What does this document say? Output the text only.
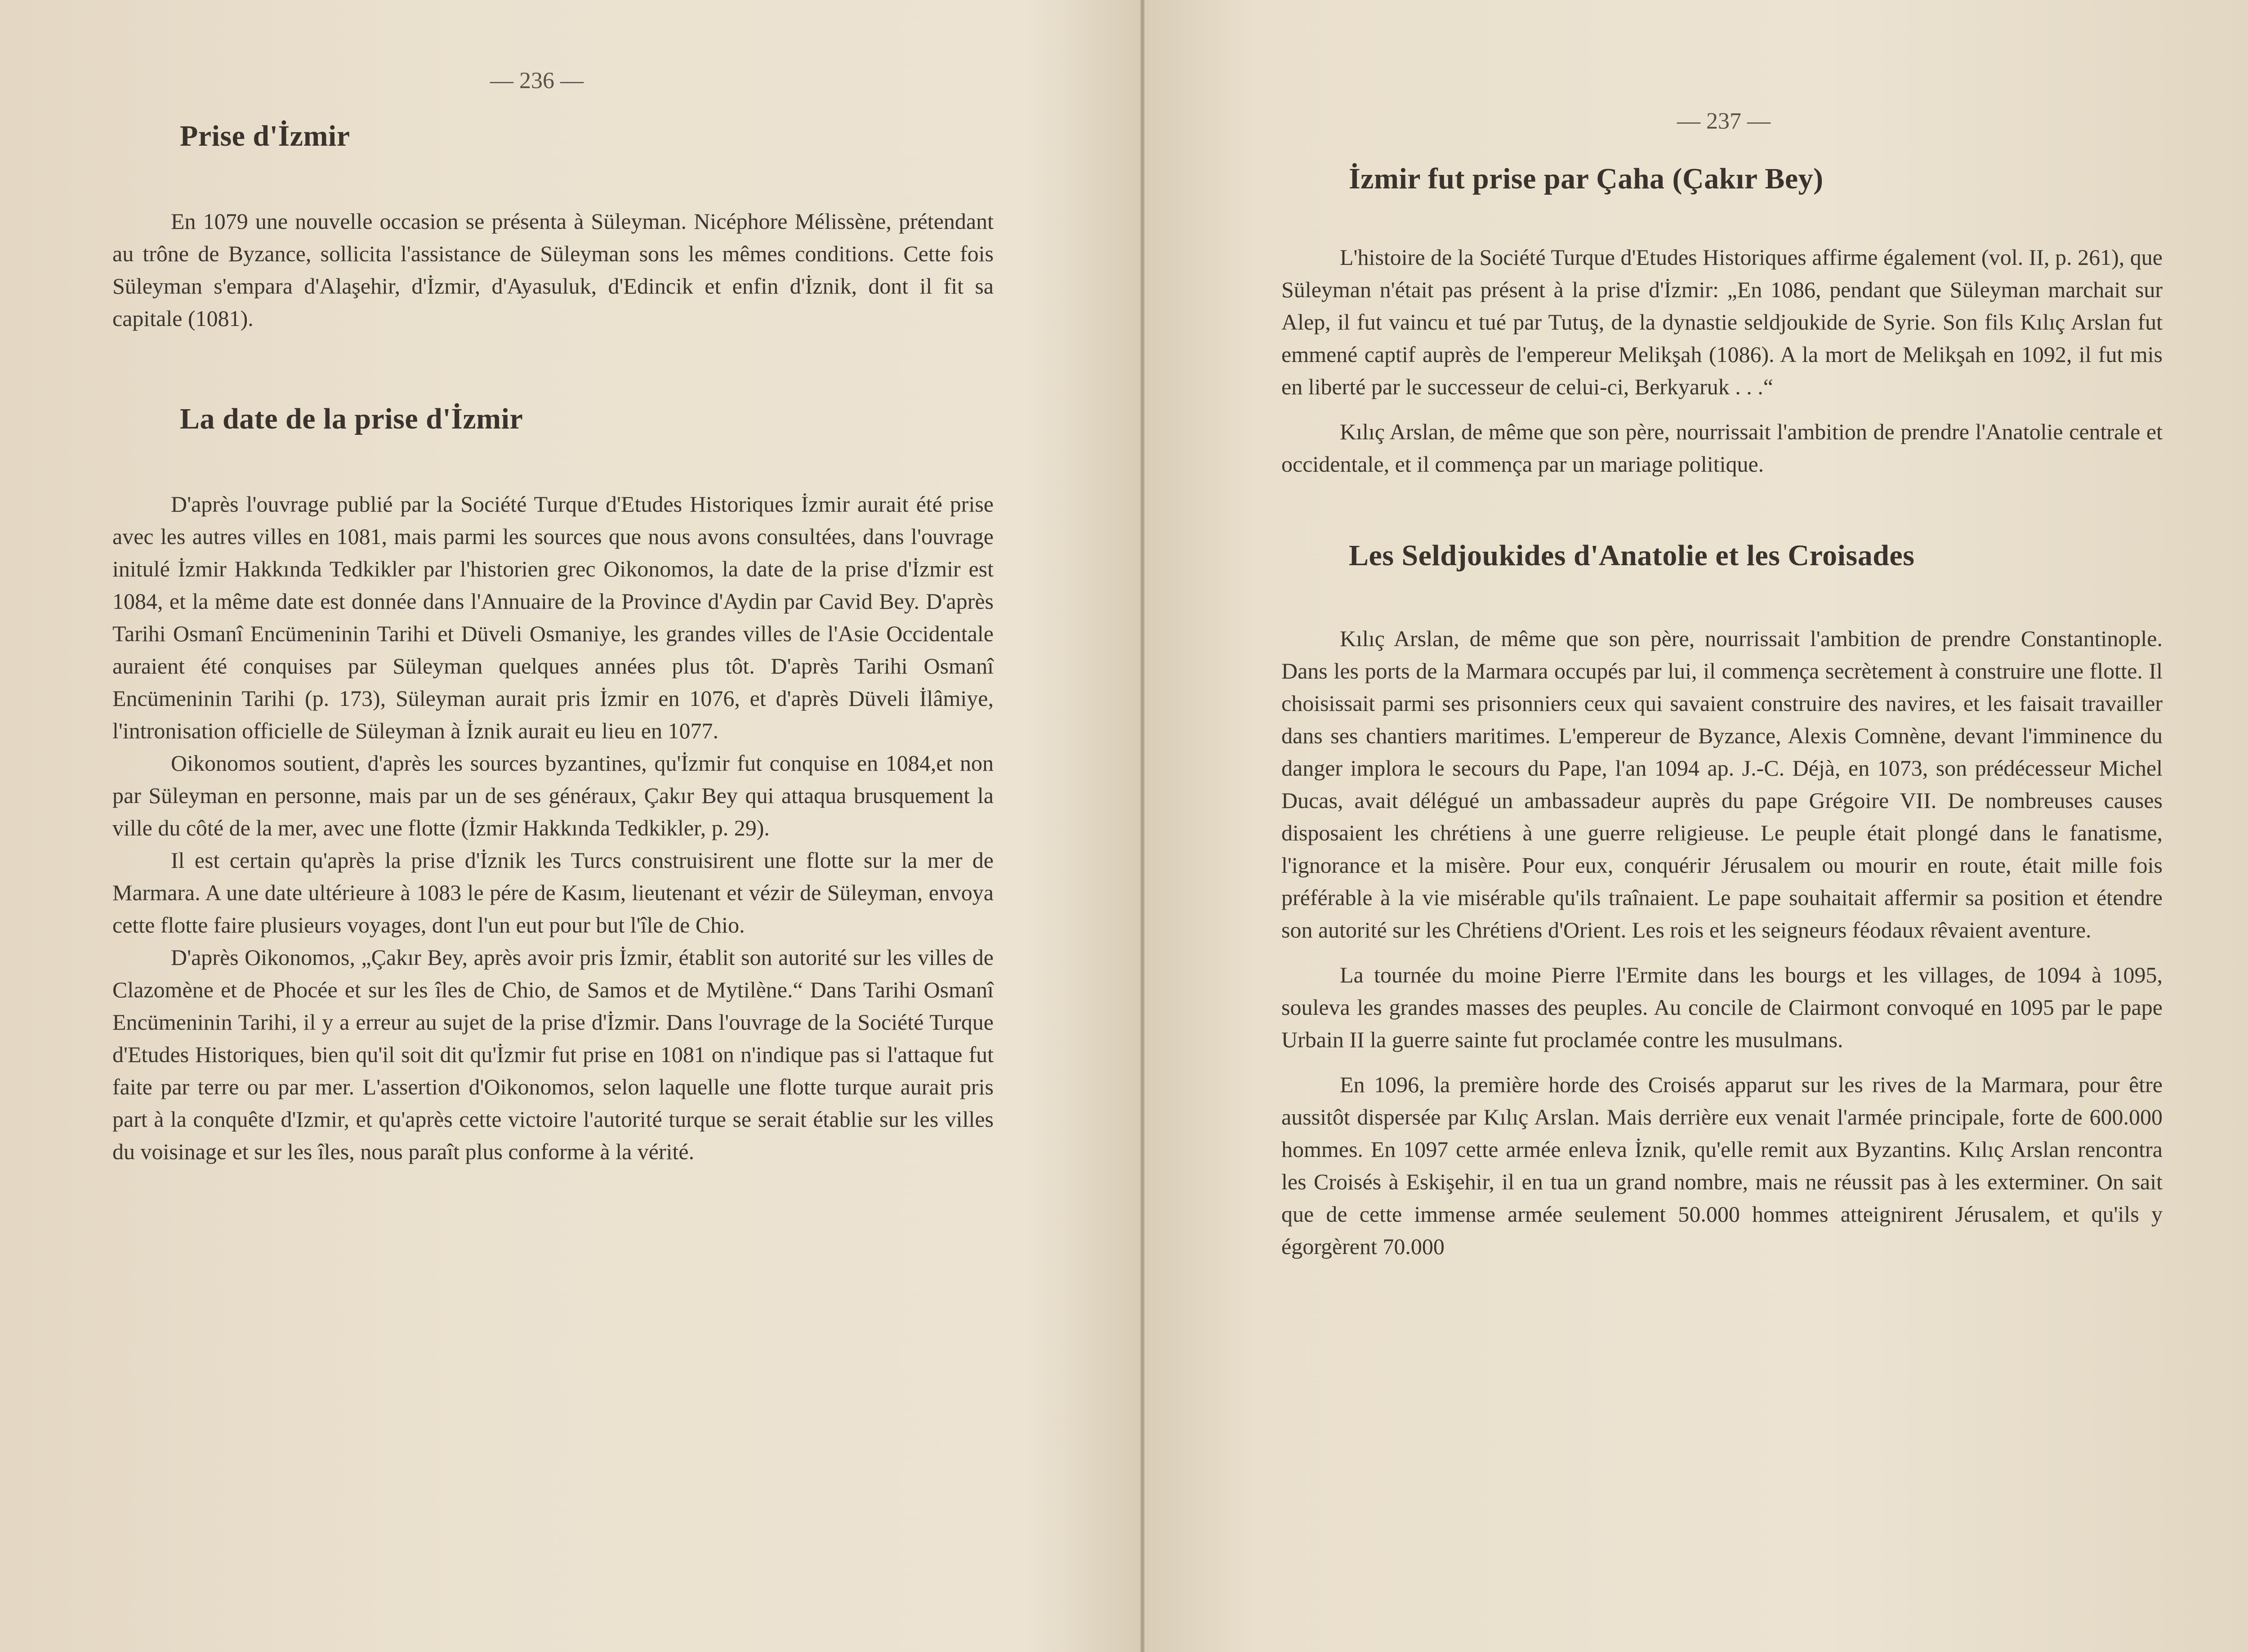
— 236 —
Prise d'İzmir

En 1079 une nouvelle occasion se présenta à Süleyman. Nicéphore Mélissène, prétendant au trône de Byzance, sollicita l'assistance de Süleyman sons les mêmes conditions. Cette fois Süleyman s'empara d'Alaşehir, d'İzmir, d'Ayasuluk, d'Edincik et enfin d'İznik, dont il fit sa capitale (1081).

La date de la prise d'İzmir

D'après l'ouvrage publié par la Société Turque d'Etudes Historiques İzmir aurait été prise avec les autres villes en 1081, mais parmi les sources que nous avons consultées, dans l'ouvrage initulé İzmir Hakkında Tedkikler par l'historien grec Oikonomos, la date de la prise d'İzmir est 1084, et la même date est donnée dans l'Annuaire de la Province d'Aydin par Cavid Bey. D'après Tarihi Osmanî Encümeninin Tarihi et Düveli Osmaniye, les grandes villes de l'Asie Occidentale auraient été conquises par Süleyman quelques années plus tôt. D'après Tarihi Osmanî Encümeninin Tarihi (p. 173), Süleyman aurait pris İzmir en 1076, et d'après Düveli İlâmiye, l'intronisation officielle de Süleyman à İznik aurait eu lieu en 1077.

Oikonomos soutient, d'après les sources byzantines, qu'İzmir fut conquise en 1084,et non par Süleyman en personne, mais par un de ses généraux, Çakır Bey qui attaqua brusquement la ville du côté de la mer, avec une flotte (İzmir Hakkında Tedkikler, p. 29).

Il est certain qu'après la prise d'İznik les Turcs construisirent une flotte sur la mer de Marmara. A une date ultérieure à 1083 le pére de Kasım, lieutenant et vézir de Süleyman, envoya cette flotte faire plusieurs voyages, dont l'un eut pour but l'île de Chio.

D'après Oikonomos, „Çakır Bey, après avoir pris İzmir, établit son autorité sur les villes de Clazomène et de Phocée et sur les îles de Chio, de Samos et de Mytilène.“ Dans Tarihi Osmanî Encümeninin Tarihi, il y a erreur au sujet de la prise d'İzmir. Dans l'ouvrage de la Société Turque d'Etudes Historiques, bien qu'il soit dit qu'İzmir fut prise en 1081 on n'indique pas si l'attaque fut faite par terre ou par mer. L'assertion d'Oikonomos, selon laquelle une flotte turque aurait pris part à la conquête d'Izmir, et qu'après cette victoire l'autorité turque se serait établie sur les villes du voisinage et sur les îles, nous paraît plus conforme à la vérité.

— 237 —
İzmir fut prise par Çaha (Çakır Bey)

L'histoire de la Société Turque d'Etudes Historiques affirme également (vol. II, p. 261), que Süleyman n'était pas présent à la prise d'İzmir: „En 1086, pendant que Süleyman marchait sur Alep, il fut vaincu et tué par Tutuş, de la dynastie seldjoukide de Syrie. Son fils Kılıç Arslan fut emmené captif auprès de l'empereur Melikşah (1086). A la mort de Melikşah en 1092, il fut mis en liberté par le successeur de celui-ci, Berkyaruk . . .“

Kılıç Arslan, de même que son père, nourrissait l'ambition de prendre l'Anatolie centrale et occidentale, et il commença par un mariage politique.

Les Seldjoukides d'Anatolie et les Croisades

Kılıç Arslan, de même que son père, nourrissait l'ambition de prendre Constantinople. Dans les ports de la Marmara occupés par lui, il commença secrètement à construire une flotte. Il choisissait parmi ses prisonniers ceux qui savaient construire des navires, et les faisait travailler dans ses chantiers maritimes. L'empereur de Byzance, Alexis Comnène, devant l'imminence du danger implora le secours du Pape, l'an 1094 ap. J.-C. Déjà, en 1073, son prédécesseur Michel Ducas, avait délégué un ambassadeur auprès du pape Grégoire VII. De nombreuses causes disposaient les chrétiens à une guerre religieuse. Le peuple était plongé dans le fanatisme, l'ignorance et la misère. Pour eux, conquérir Jérusalem ou mourir en route, était mille fois préférable à la vie misérable qu'ils traînaient. Le pape souhaitait affermir sa position et étendre son autorité sur les Chrétiens d'Orient. Les rois et les seigneurs féodaux rêvaient aventure.

La tournée du moine Pierre l'Ermite dans les bourgs et les villages, de 1094 à 1095, souleva les grandes masses des peuples. Au concile de Clairmont convoqué en 1095 par le pape Urbain II la guerre sainte fut proclamée contre les musulmans.

En 1096, la première horde des Croisés apparut sur les rives de la Marmara, pour être aussitôt dispersée par Kılıç Arslan. Mais derrière eux venait l'armée principale, forte de 600.000 hommes. En 1097 cette armée enleva İznik, qu'elle remit aux Byzantins. Kılıç Arslan rencontra les Croisés à Eskişehir, il en tua un grand nombre, mais ne réussit pas à les exterminer. On sait que de cette immense armée seulement 50.000 hommes atteignirent Jérusalem, et qu'ils y égorgèrent 70.000
